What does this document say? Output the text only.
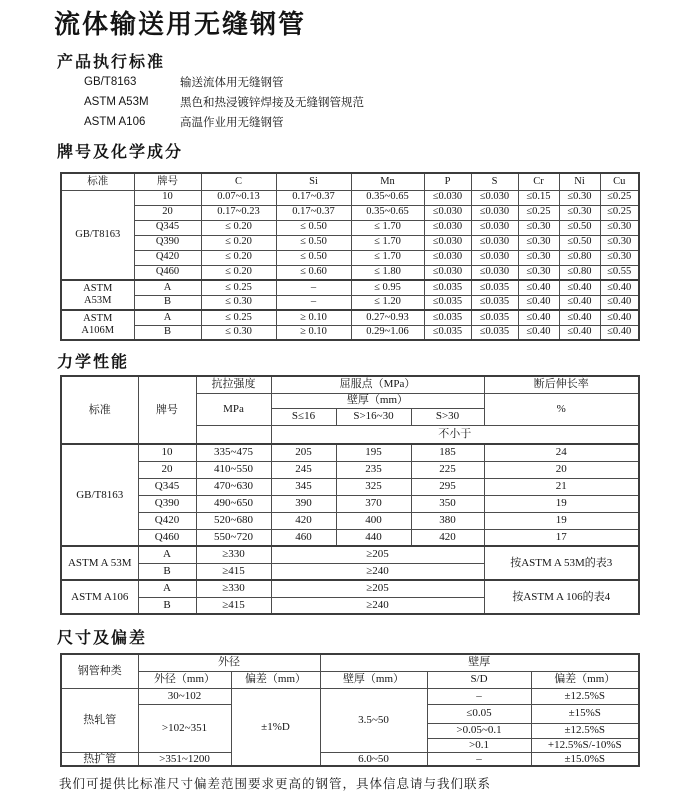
流体输送用无缝钢管
产品执行标准
GB/T8163	输送流体用无缝钢管
ASTM A53M	黑色和热浸镀锌焊接及无缝钢管规范
ASTM A106	高温作业用无缝钢管
牌号及化学成分
标准	牌号	C	Si	Mn	P	S	Cr	Ni	Cu
GB/T8163	10	0.07~0.13	0.17~0.37	0.35~0.65	≤0.030	≤0.030	≤0.15	≤0.30	≤0.25
	20	0.17~0.23	0.17~0.37	0.35~0.65	≤0.030	≤0.030	≤0.25	≤0.30	≤0.25
	Q345	≤ 0.20	≤ 0.50	≤ 1.70	≤0.030	≤0.030	≤0.30	≤0.50	≤0.30
	Q390	≤ 0.20	≤ 0.50	≤ 1.70	≤0.030	≤0.030	≤0.30	≤0.50	≤0.30
	Q420	≤ 0.20	≤ 0.50	≤ 1.70	≤0.030	≤0.030	≤0.30	≤0.80	≤0.30
	Q460	≤ 0.20	≤ 0.60	≤ 1.80	≤0.030	≤0.030	≤0.30	≤0.80	≤0.55

ASTM
A53M	A	≤ 0.25	–	≤ 0.95	≤0.035	≤0.035	≤0.40	≤0.40	≤0.40
	B	≤ 0.30	–	≤ 1.20	≤0.035	≤0.035	≤0.40	≤0.40	≤0.40

ASTM
A106M	A	≤ 0.25	≥ 0.10	0.27~0.93	≤0.035	≤0.035	≤0.40	≤0.40	≤0.40
	B	≤ 0.30	≥ 0.10	0.29~1.06	≤0.035	≤0.035	≤0.40	≤0.40	≤0.40
力学性能
标准	牌号	抗拉强度	屈服点（MPa）			断后伸长率
		MPa	壁厚（mm）			%
			S≤16	S>16~30	S>30	
			不小于			
GB/T8163	10	335~475	205	195	185	24
	20	410~550	245	235	225	20
	Q345	470~630	345	325	295	21
	Q390	490~650	390	370	350	19
	Q420	520~680	420	400	380	19
	Q460	550~720	460	440	420	17
ASTM A 53M	A	≥330	≥205			按ASTM A 53M的表3
	B	≥415	≥240			
ASTM A106	A	≥330	≥205			按ASTM A 106的表4
	B	≥415	≥240			
尺寸及偏差
钢管种类	外径		壁厚		
	外径（mm）	偏差（mm）	壁厚（mm）	S/D	偏差（mm）
热轧管	30~102	±1%D	3.5~50	–	±12.5%S
	>102~351			≤0.05	±15%S
				>0.05~0.1	±12.5%S
				>0.1	+12.5%S/-10%S
热扩管	>351~1200		6.0~50	–	±15.0%S
我们可提供比标准尺寸偏差范围要求更高的钢管，具体信息请与我们联系
